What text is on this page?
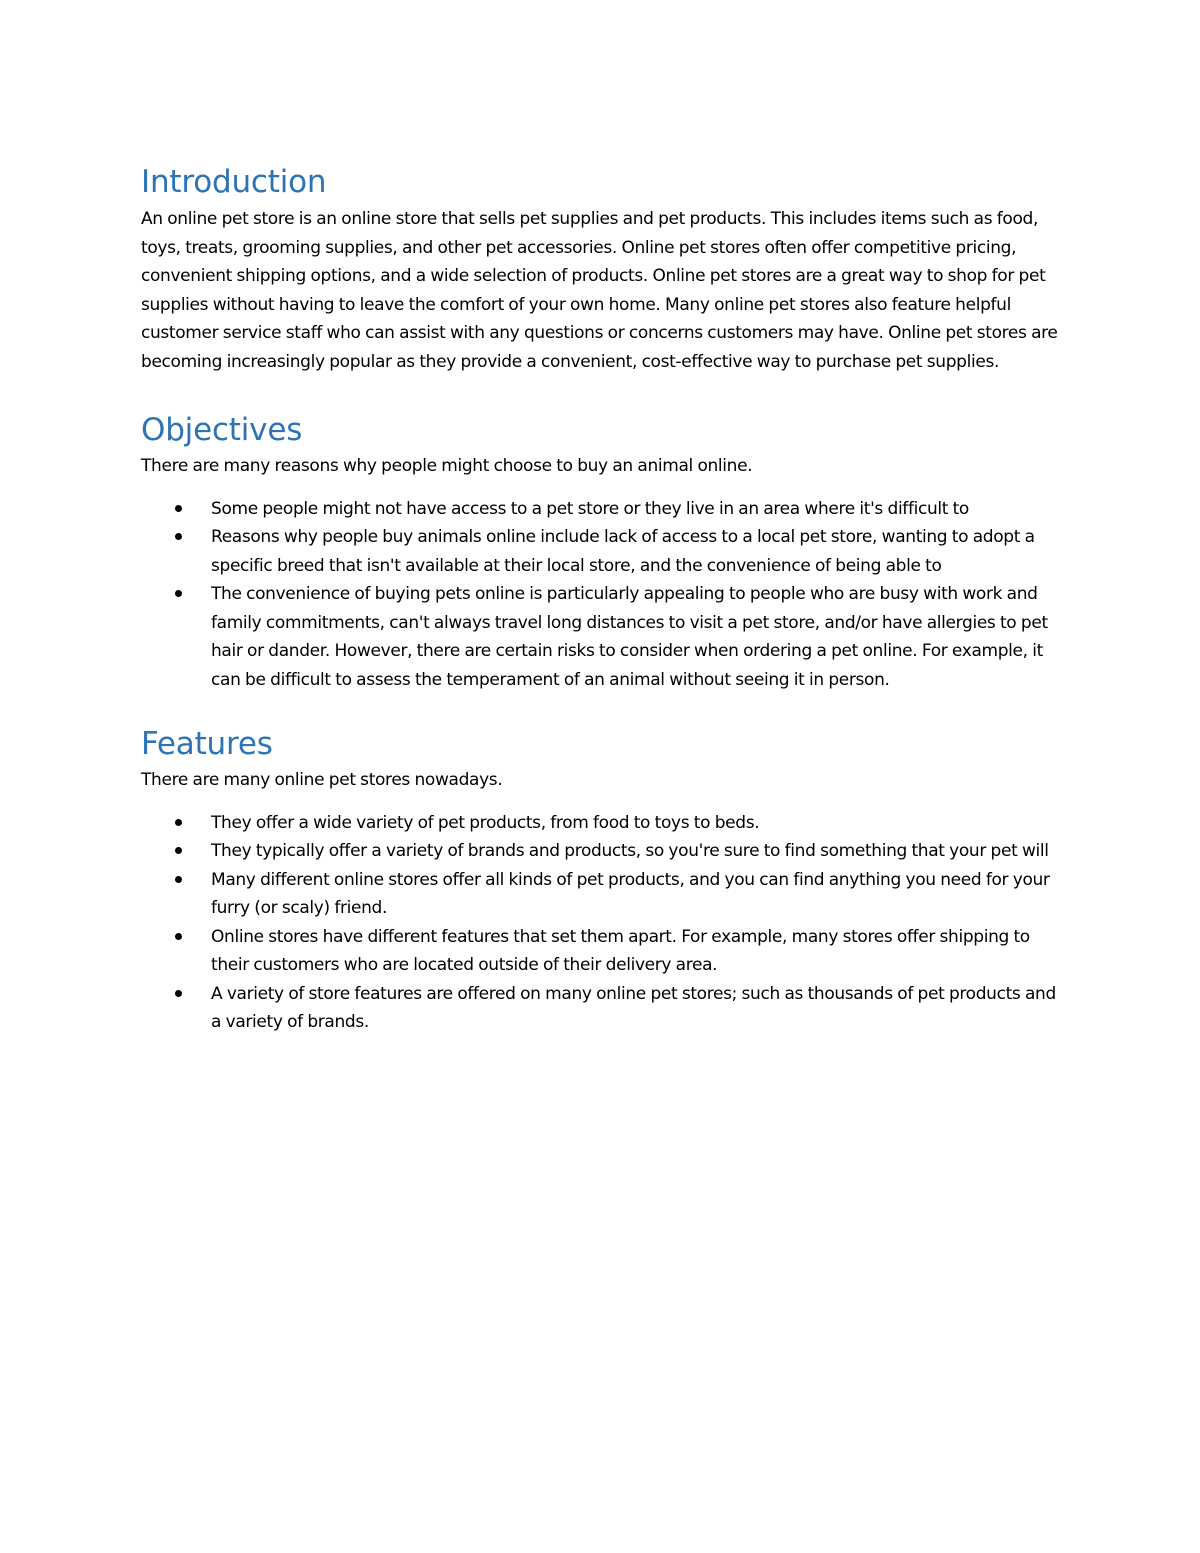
Introduction

An online pet store is an online store that sells pet supplies and pet products. This includes items such as food, toys, treats, grooming supplies, and other pet accessories. Online pet stores often offer competitive pricing, convenient shipping options, and a wide selection of products. Online pet stores are a great way to shop for pet supplies without having to leave the comfort of your own home. Many online pet stores also feature helpful customer service staff who can assist with any questions or concerns customers may have. Online pet stores are becoming increasingly popular as they provide a convenient, cost-effective way to purchase pet supplies.

Objectives

There are many reasons why people might choose to buy an animal online.

Some people might not have access to a pet store or they live in an area where it's difficult to
Reasons why people buy animals online include lack of access to a local pet store, wanting to adopt a specific breed that isn't available at their local store, and the convenience of being able to
The convenience of buying pets online is particularly appealing to people who are busy with work and family commitments, can't always travel long distances to visit a pet store, and/or have allergies to pet hair or dander. However, there are certain risks to consider when ordering a pet online. For example, it can be difficult to assess the temperament of an animal without seeing it in person.
Features

There are many online pet stores nowadays.

They offer a wide variety of pet products, from food to toys to beds.
They typically offer a variety of brands and products, so you're sure to find something that your pet will
Many different online stores offer all kinds of pet products, and you can find anything you need for your furry (or scaly) friend.
Online stores have different features that set them apart. For example, many stores offer shipping to their customers who are located outside of their delivery area.
A variety of store features are offered on many online pet stores; such as thousands of pet products and a variety of brands.
